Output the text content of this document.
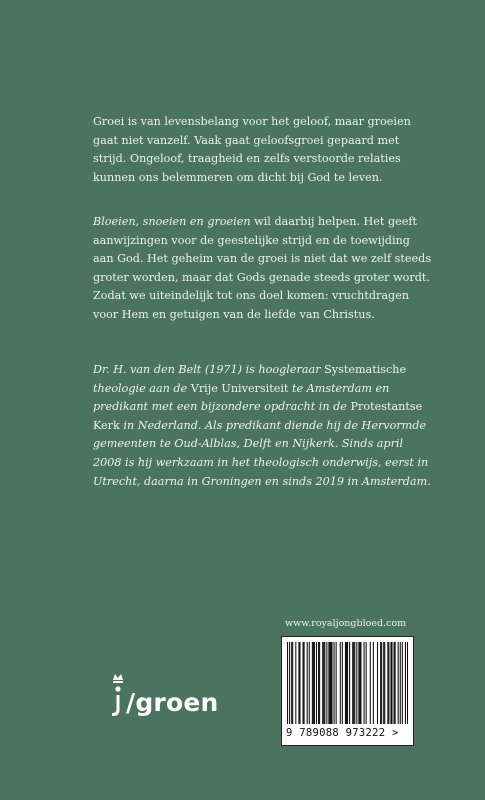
Groei is van levensbelang voor het geloof, maar groeien gaat niet vanzelf. Vaak gaat geloofsgroei gepaard met strijd. Ongeloof, traagheid en zelfs verstoorde relaties kunnen ons belemmeren om dicht bij God te leven.

Bloeien, snoeien en groeien wil daarbij helpen. Het geeft aanwijzingen voor de geestelijke strijd en de toewijding aan God. Het geheim van de groei is niet dat we zelf steeds groter worden, maar dat Gods genade steeds groter wordt. Zodat we uiteindelijk tot ons doel komen: vruchtdragen voor Hem en getuigen van de liefde van Christus.

Dr. H. van den Belt (1971) is hoogleraar Systematische theologie aan de Vrije Universiteit te Amsterdam en predikant met een bijzondere opdracht in de Protestantse Kerk in Nederland. Als predikant diende hij de Hervormde gemeenten te Oud-Alblas, Delft en Nijkerk. Sinds april 2008 is hij werkzaam in het theologisch onderwijs, eerst in Utrecht, daarna in Groningen en sinds 2019 in Amsterdam.

www.royaljongbloed.com
/groen
9 789088 973222 >
